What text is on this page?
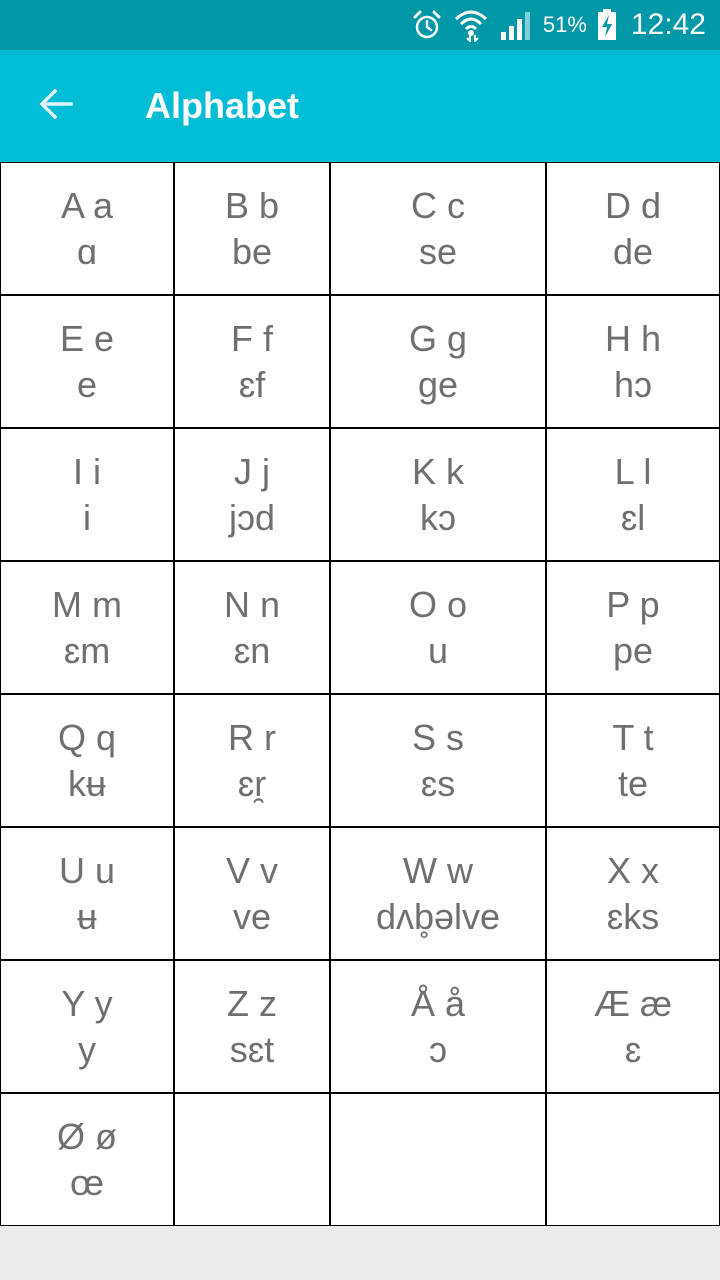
51% 12:42
Alphabet
A a
ɑ
B b
be
C c
se
D d
de
E e
e
F f
ɛf
G g
ge
H h
hɔ
I i
i
J j
jɔd
K k
kɔ
L l
ɛl
M m
ɛm
N n
ɛn
O o
u
P p
pe
Q q
kʉ
R r
ɛr̯
S s
ɛs
T t
te
U u
ʉ
V v
ve
W w
dʌb̥əlve
X x
ɛks
Y y
y
Z z
sɛt
Å å
ɔ
Æ æ
ɛ
Ø ø
œ
